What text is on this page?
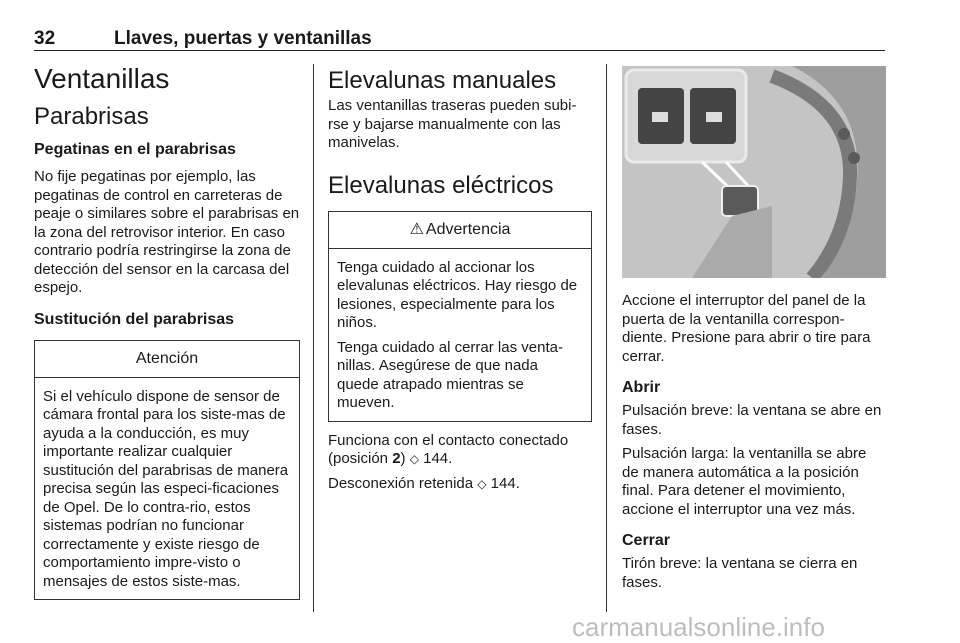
32	Llaves, puertas y ventanillas
Ventanillas
Parabrisas
Pegatinas en el parabrisas

No fije pegatinas por ejemplo, las pegatinas de control en carreteras de peaje o similares sobre el parabrisas en la zona del retrovisor interior. En caso contrario podría restringirse la zona de detección del sensor en la carcasa del espejo.

Sustitución del parabrisas
Atención

Si el vehículo dispone de sensor de cámara frontal para los siste-mas de ayuda a la conducción, es muy importante realizar cualquier sustitución del parabrisas de manera precisa según las especi-ficaciones de Opel. De lo contra-rio, estos sistemas podrían no funcionar correctamente y existe riesgo de comportamiento impre-visto o mensajes de estos siste-mas.

Elevalunas manuales

Las ventanillas traseras pueden subi-rse y bajarse manualmente con las manivelas.

Elevalunas eléctricos
⚠ Advertencia

Tenga cuidado al accionar los elevalunas eléctricos. Hay riesgo de lesiones, especialmente para los niños.

Tenga cuidado al cerrar las venta-nillas. Asegúrese de que nada quede atrapado mientras se mueven.

Funciona con el contacto conectado (posición 2) ◇ 144.

Desconexión retenida ◇ 144.

Accione el interruptor del panel de la puerta de la ventanilla correspon-diente. Presione para abrir o tire para cerrar.

Abrir

Pulsación breve: la ventana se abre en fases.

Pulsación larga: la ventanilla se abre de manera automática a la posición final. Para detener el movimiento, accione el interruptor una vez más.

Cerrar

Tirón breve: la ventana se cierra en fases.

carmanualsonline.info
